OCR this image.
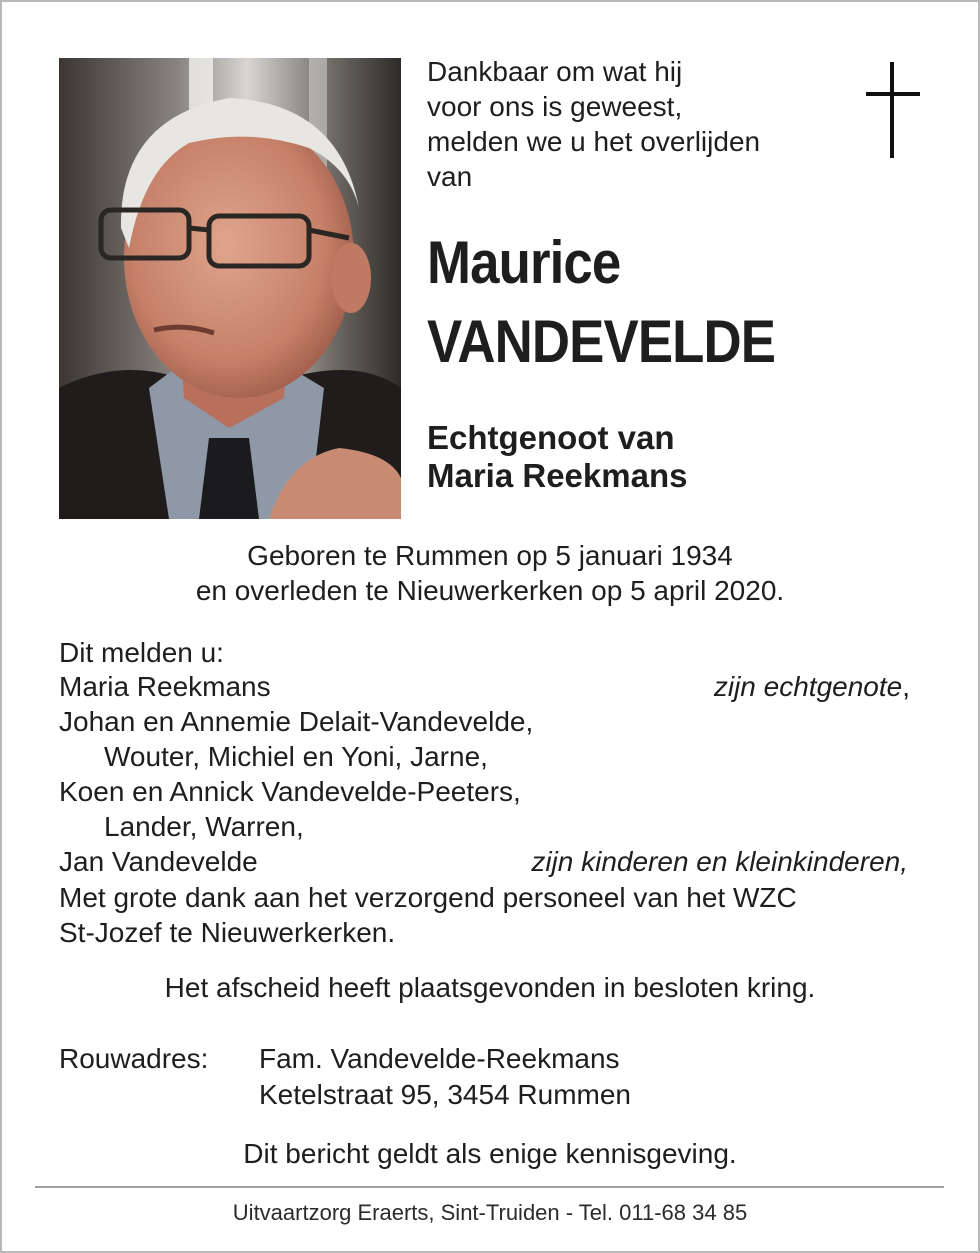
Dankbaar om wat hij
voor ons is geweest,
melden we u het overlijden
van
Maurice
VANDEVELDE
Echtgenoot van
Maria Reekmans
Geboren te Rummen op 5 januari 1934
en overleden te Nieuwerkerken op 5 april 2020.
Dit melden u:
Maria Reekmans	zijn echtgenote,
Johan en Annemie Delait-Vandevelde,
Wouter, Michiel en Yoni, Jarne,
Koen en Annick Vandevelde-Peeters,
Lander, Warren,
Jan Vandevelde	zijn kinderen en kleinkinderen,
Met grote dank aan het verzorgend personeel van het WZC
St-Jozef te Nieuwerkerken.
Het afscheid heeft plaatsgevonden in besloten kring.
Rouwadres: Fam. Vandevelde-Reekmans
Ketelstraat 95, 3454 Rummen
Dit bericht geldt als enige kennisgeving.
Uitvaartzorg Eraerts, Sint-Truiden - Tel. 011-68 34 85
